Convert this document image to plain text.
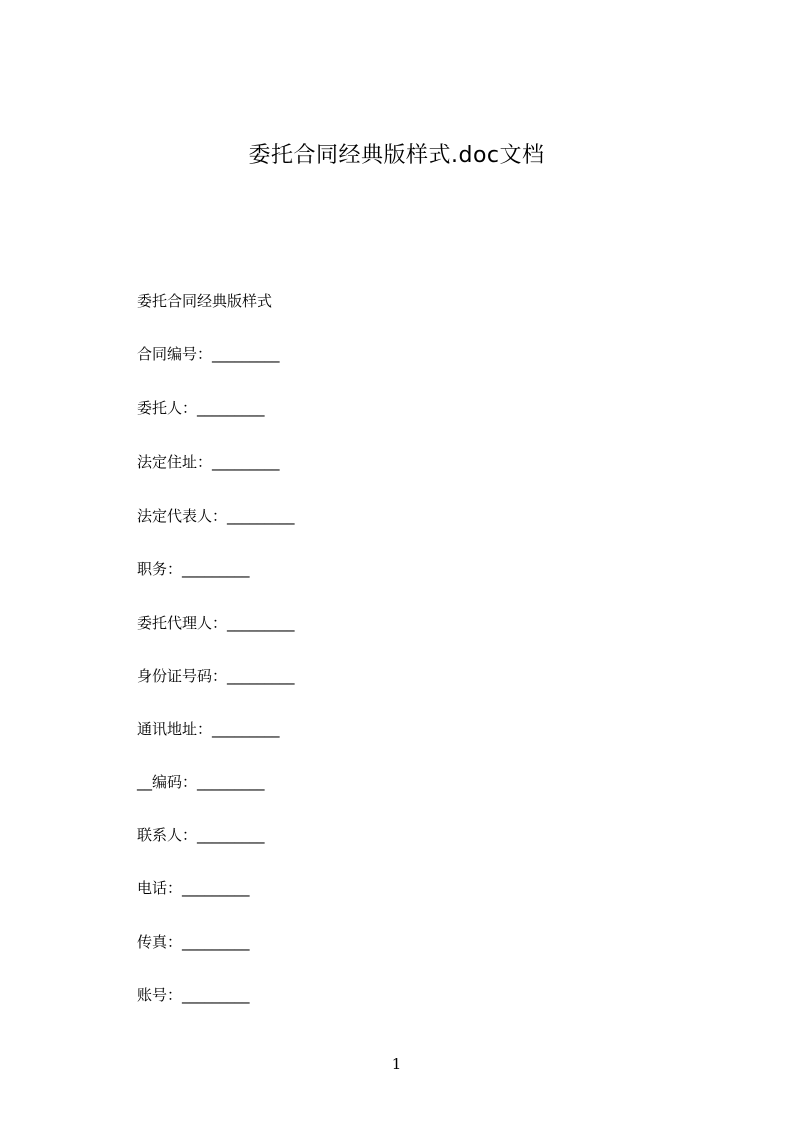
委托合同经典版样式.doc文档
委托合同经典版样式
合同编号：_________
委托人：_________
法定住址：_________
法定代表人：_________
职务：_________
委托代理人：_________
身份证号码：_________
通讯地址：_________
__编码：_________
联系人：_________
电话：_________
传真：_________
账号：_________
1
